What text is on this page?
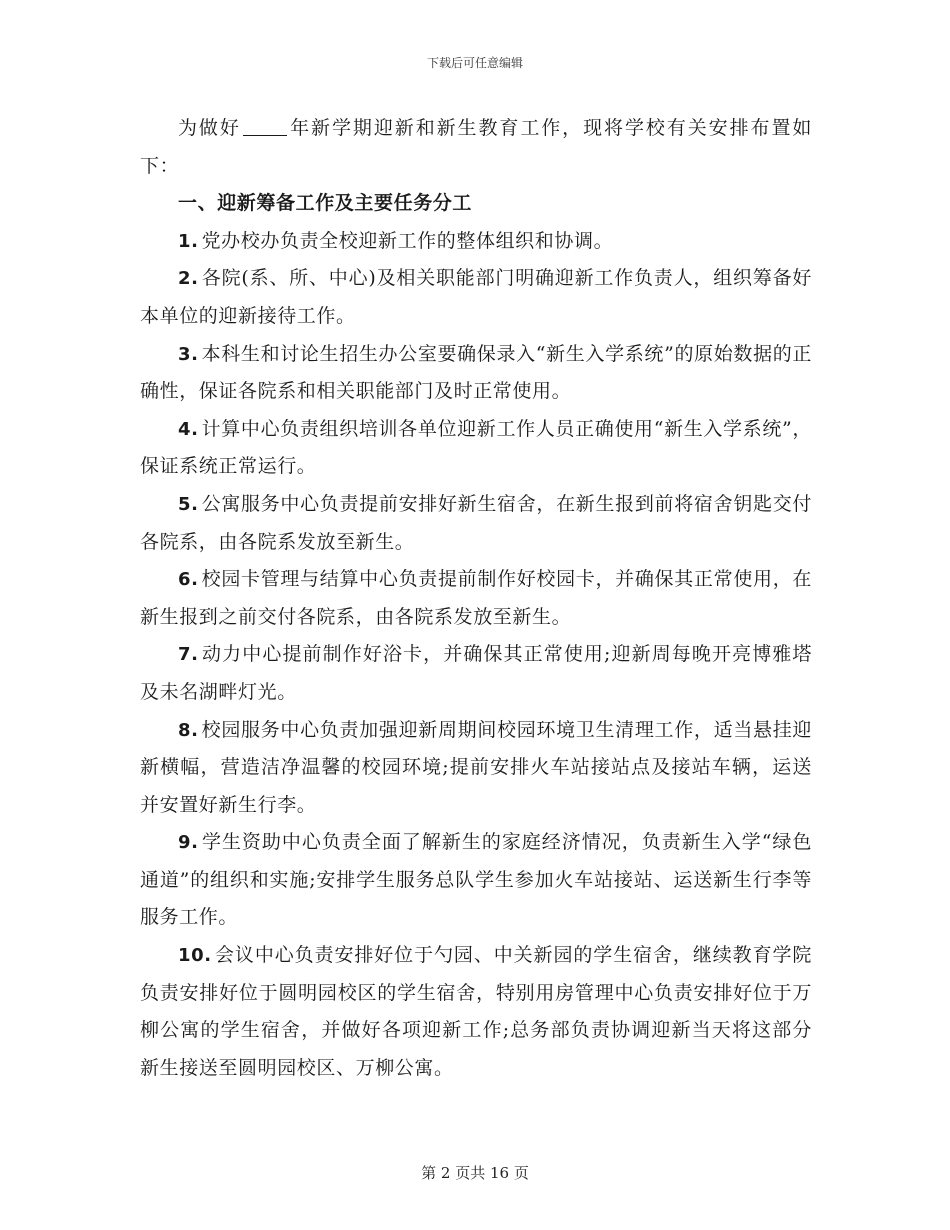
下载后可任意编辑

为做好	年新学期迎新和新生教育工作，现将学校有关安排布置如下：

一、迎新筹备工作及主要任务分工

1. 党办校办负责全校迎新工作的整体组织和协调。

2. 各院(系、所、中心)及相关职能部门明确迎新工作负责人，组织筹备好本单位的迎新接待工作。

3. 本科生和讨论生招生办公室要确保录入“新生入学系统”的原始数据的正确性，保证各院系和相关职能部门及时正常使用。

4. 计算中心负责组织培训各单位迎新工作人员正确使用“新生入学系统”，保证系统正常运行。

5. 公寓服务中心负责提前安排好新生宿舍，在新生报到前将宿舍钥匙交付各院系，由各院系发放至新生。

6. 校园卡管理与结算中心负责提前制作好校园卡，并确保其正常使用，在新生报到之前交付各院系，由各院系发放至新生。

7. 动力中心提前制作好浴卡，并确保其正常使用;迎新周每晚开亮博雅塔及未名湖畔灯光。

8. 校园服务中心负责加强迎新周期间校园环境卫生清理工作，适当悬挂迎新横幅，营造洁净温馨的校园环境;提前安排火车站接站点及接站车辆，运送并安置好新生行李。

9. 学生资助中心负责全面了解新生的家庭经济情况，负责新生入学“绿色通道”的组织和实施;安排学生服务总队学生参加火车站接站、运送新生行李等服务工作。

10. 会议中心负责安排好位于勺园、中关新园的学生宿舍，继续教育学院负责安排好位于圆明园校区的学生宿舍，特别用房管理中心负责安排好位于万柳公寓的学生宿舍，并做好各项迎新工作;总务部负责协调迎新当天将这部分新生接送至圆明园校区、万柳公寓。

第 2 页共 16 页
